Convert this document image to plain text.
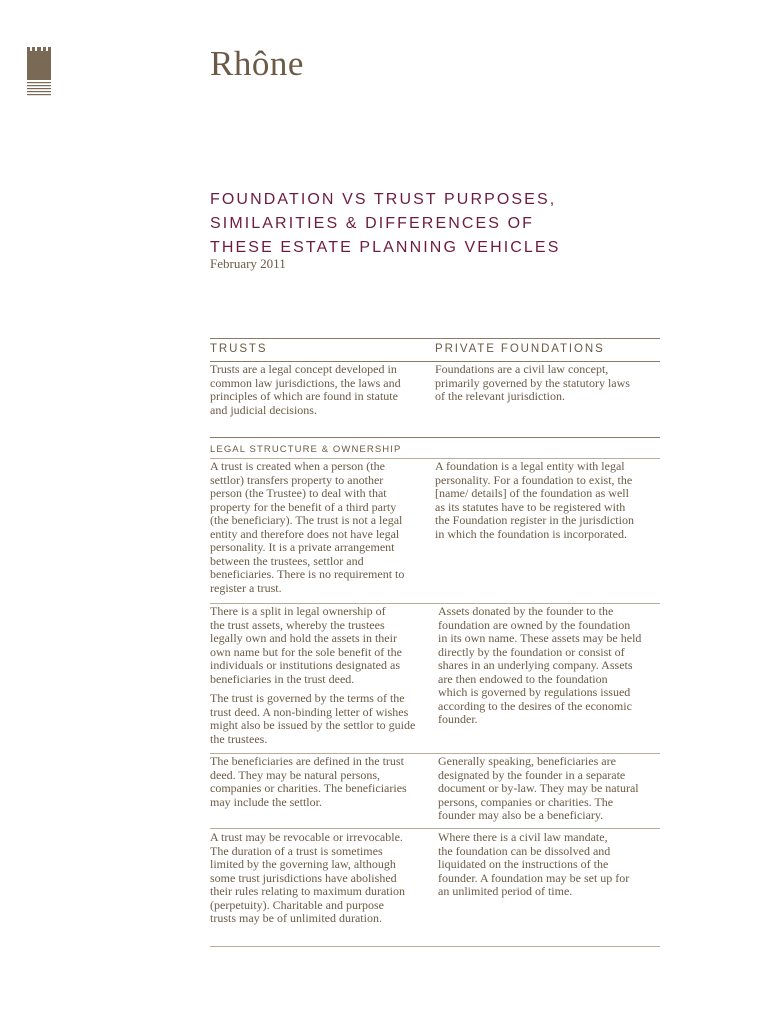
Rhône
FOUNDATION VS TRUST PURPOSES,
SIMILARITIES & DIFFERENCES OF
THESE ESTATE PLANNING VEHICLES
February 2011
TRUSTS	PRIVATE FOUNDATIONS
Trusts are a legal concept developed in
common law jurisdictions, the laws and
principles of which are found in statute
and judicial decisions.
Foundations are a civil law concept,
primarily governed by the statutory laws
of the relevant jurisdiction.
LEGAL STRUCTURE & OWNERSHIP
A trust is created when a person (the
settlor) transfers property to another
person (the Trustee) to deal with that
property for the benefit of a third party
(the beneficiary). The trust is not a legal
entity and therefore does not have legal
personality. It is a private arrangement
between the trustees, settlor and
beneficiaries. There is no requirement to
register a trust.
A foundation is a legal entity with legal
personality. For a foundation to exist, the
[name/ details] of the foundation as well
as its statutes have to be registered with
the Foundation register in the jurisdiction
in which the foundation is incorporated.
There is a split in legal ownership of
the trust assets, whereby the trustees
legally own and hold the assets in their
own name but for the sole benefit of the
individuals or institutions designated as
beneficiaries in the trust deed.
The trust is governed by the terms of the
trust deed. A non-binding letter of wishes
might also be issued by the settlor to guide
the trustees.
Assets donated by the founder to the
foundation are owned by the foundation
in its own name. These assets may be held
directly by the foundation or consist of
shares in an underlying company. Assets
are then endowed to the foundation
which is governed by regulations issued
according to the desires of the economic
founder.
The beneficiaries are defined in the trust
deed. They may be natural persons,
companies or charities. The beneficiaries
may include the settlor.
Generally speaking, beneficiaries are
designated by the founder in a separate
document or by-law. They may be natural
persons, companies or charities. The
founder may also be a beneficiary.
A trust may be revocable or irrevocable.
The duration of a trust is sometimes
limited by the governing law, although
some trust jurisdictions have abolished
their rules relating to maximum duration
(perpetuity). Charitable and purpose
trusts may be of unlimited duration.
Where there is a civil law mandate,
the foundation can be dissolved and
liquidated on the instructions of the
founder. A foundation may be set up for
an unlimited period of time.
